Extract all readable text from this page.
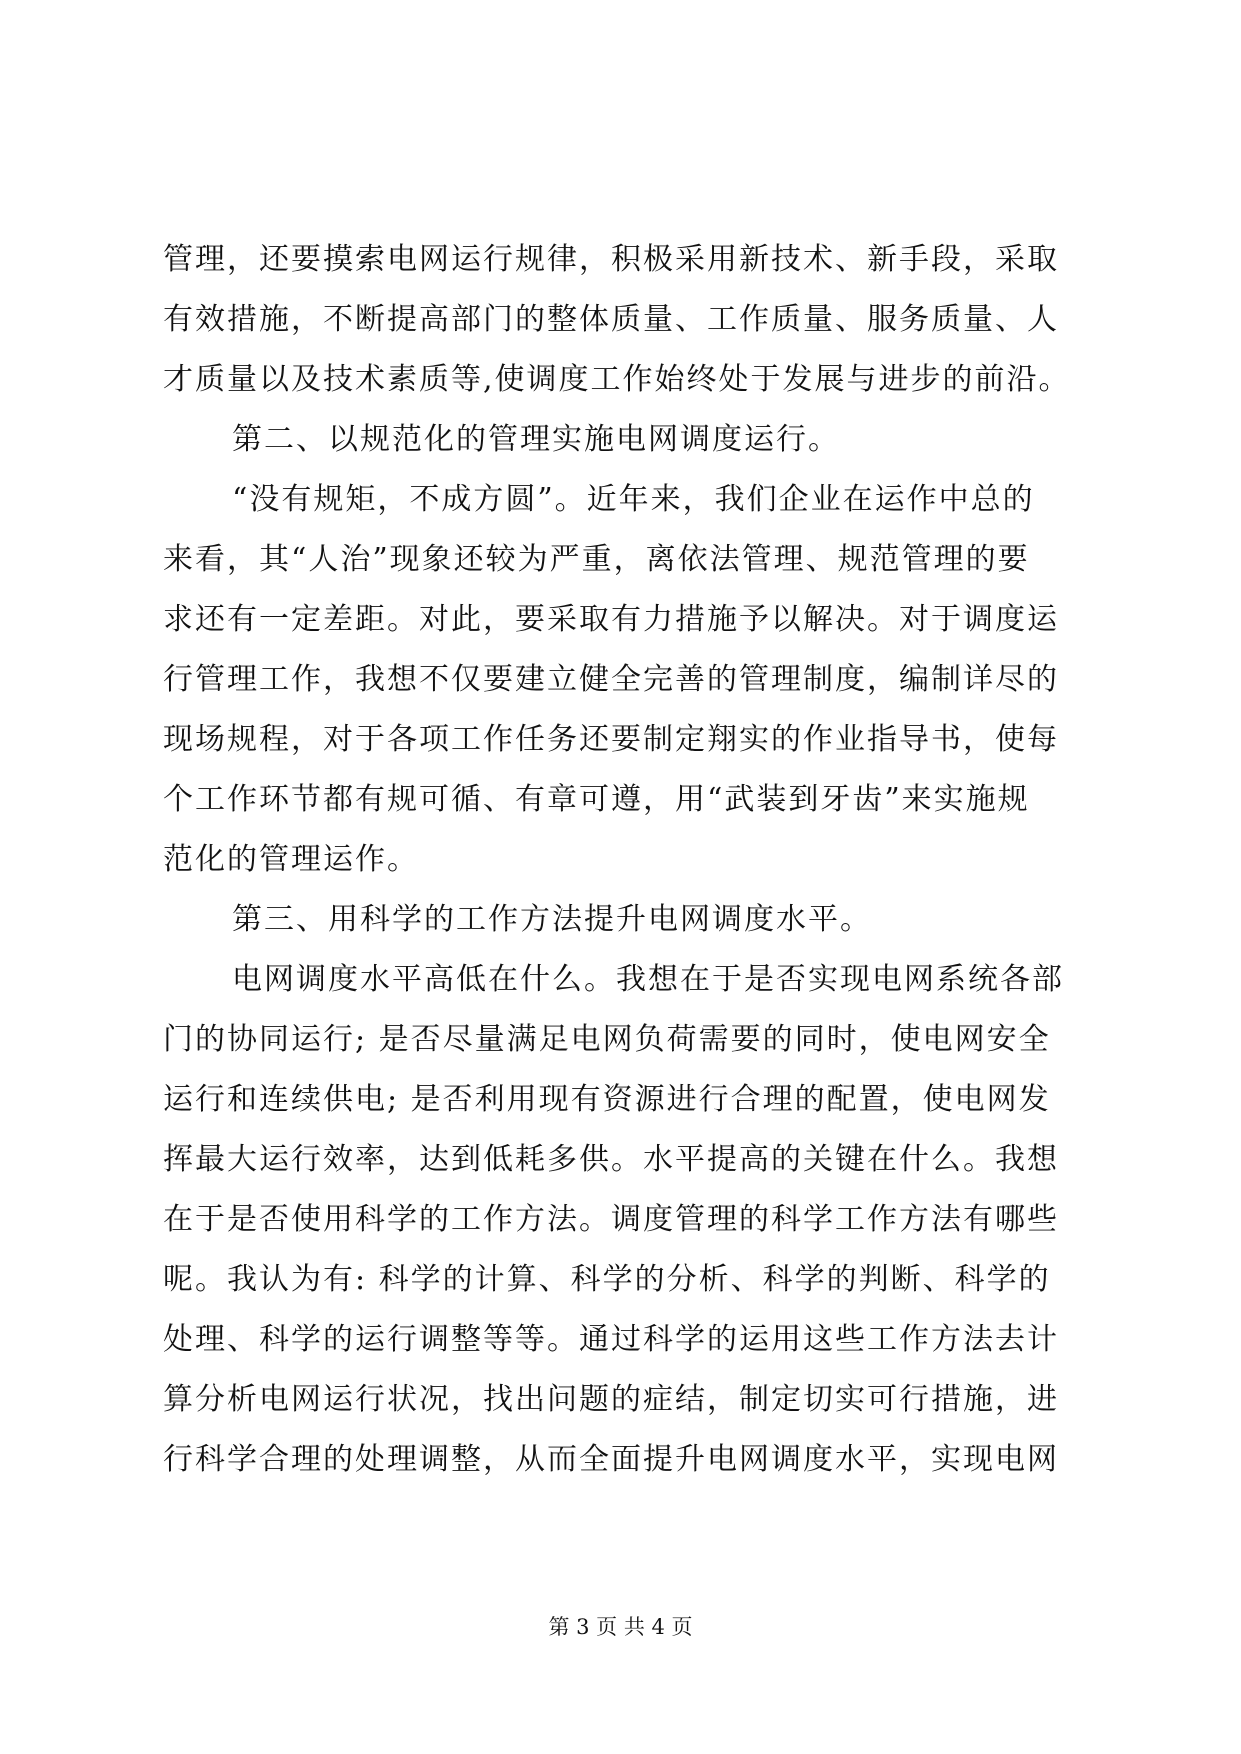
管理，还要摸索电网运行规律，积极采用新技术、新手段，采取
有效措施，不断提高部门的整体质量、工作质量、服务质量、人
才质量以及技术素质等,使调度工作始终处于发展与进步的前沿。
第二、以规范化的管理实施电网调度运行。
“没有规矩，不成方圆”。近年来，我们企业在运作中总的
来看，其“人治”现象还较为严重，离依法管理、规范管理的要
求还有一定差距。对此，要采取有力措施予以解决。对于调度运
行管理工作，我想不仅要建立健全完善的管理制度，编制详尽的
现场规程，对于各项工作任务还要制定翔实的作业指导书，使每
个工作环节都有规可循、有章可遵，用“武装到牙齿”来实施规
范化的管理运作。
第三、用科学的工作方法提升电网调度水平。
电网调度水平高低在什么。我想在于是否实现电网系统各部
门的协同运行; 是否尽量满足电网负荷需要的同时，使电网安全
运行和连续供电; 是否利用现有资源进行合理的配置，使电网发
挥最大运行效率，达到低耗多供。水平提高的关键在什么。我想
在于是否使用科学的工作方法。调度管理的科学工作方法有哪些
呢。我认为有: 科学的计算、科学的分析、科学的判断、科学的
处理、科学的运行调整等等。通过科学的运用这些工作方法去计
算分析电网运行状况，找出问题的症结，制定切实可行措施，进
行科学合理的处理调整，从而全面提升电网调度水平，实现电网
第 3 页 共 4 页
